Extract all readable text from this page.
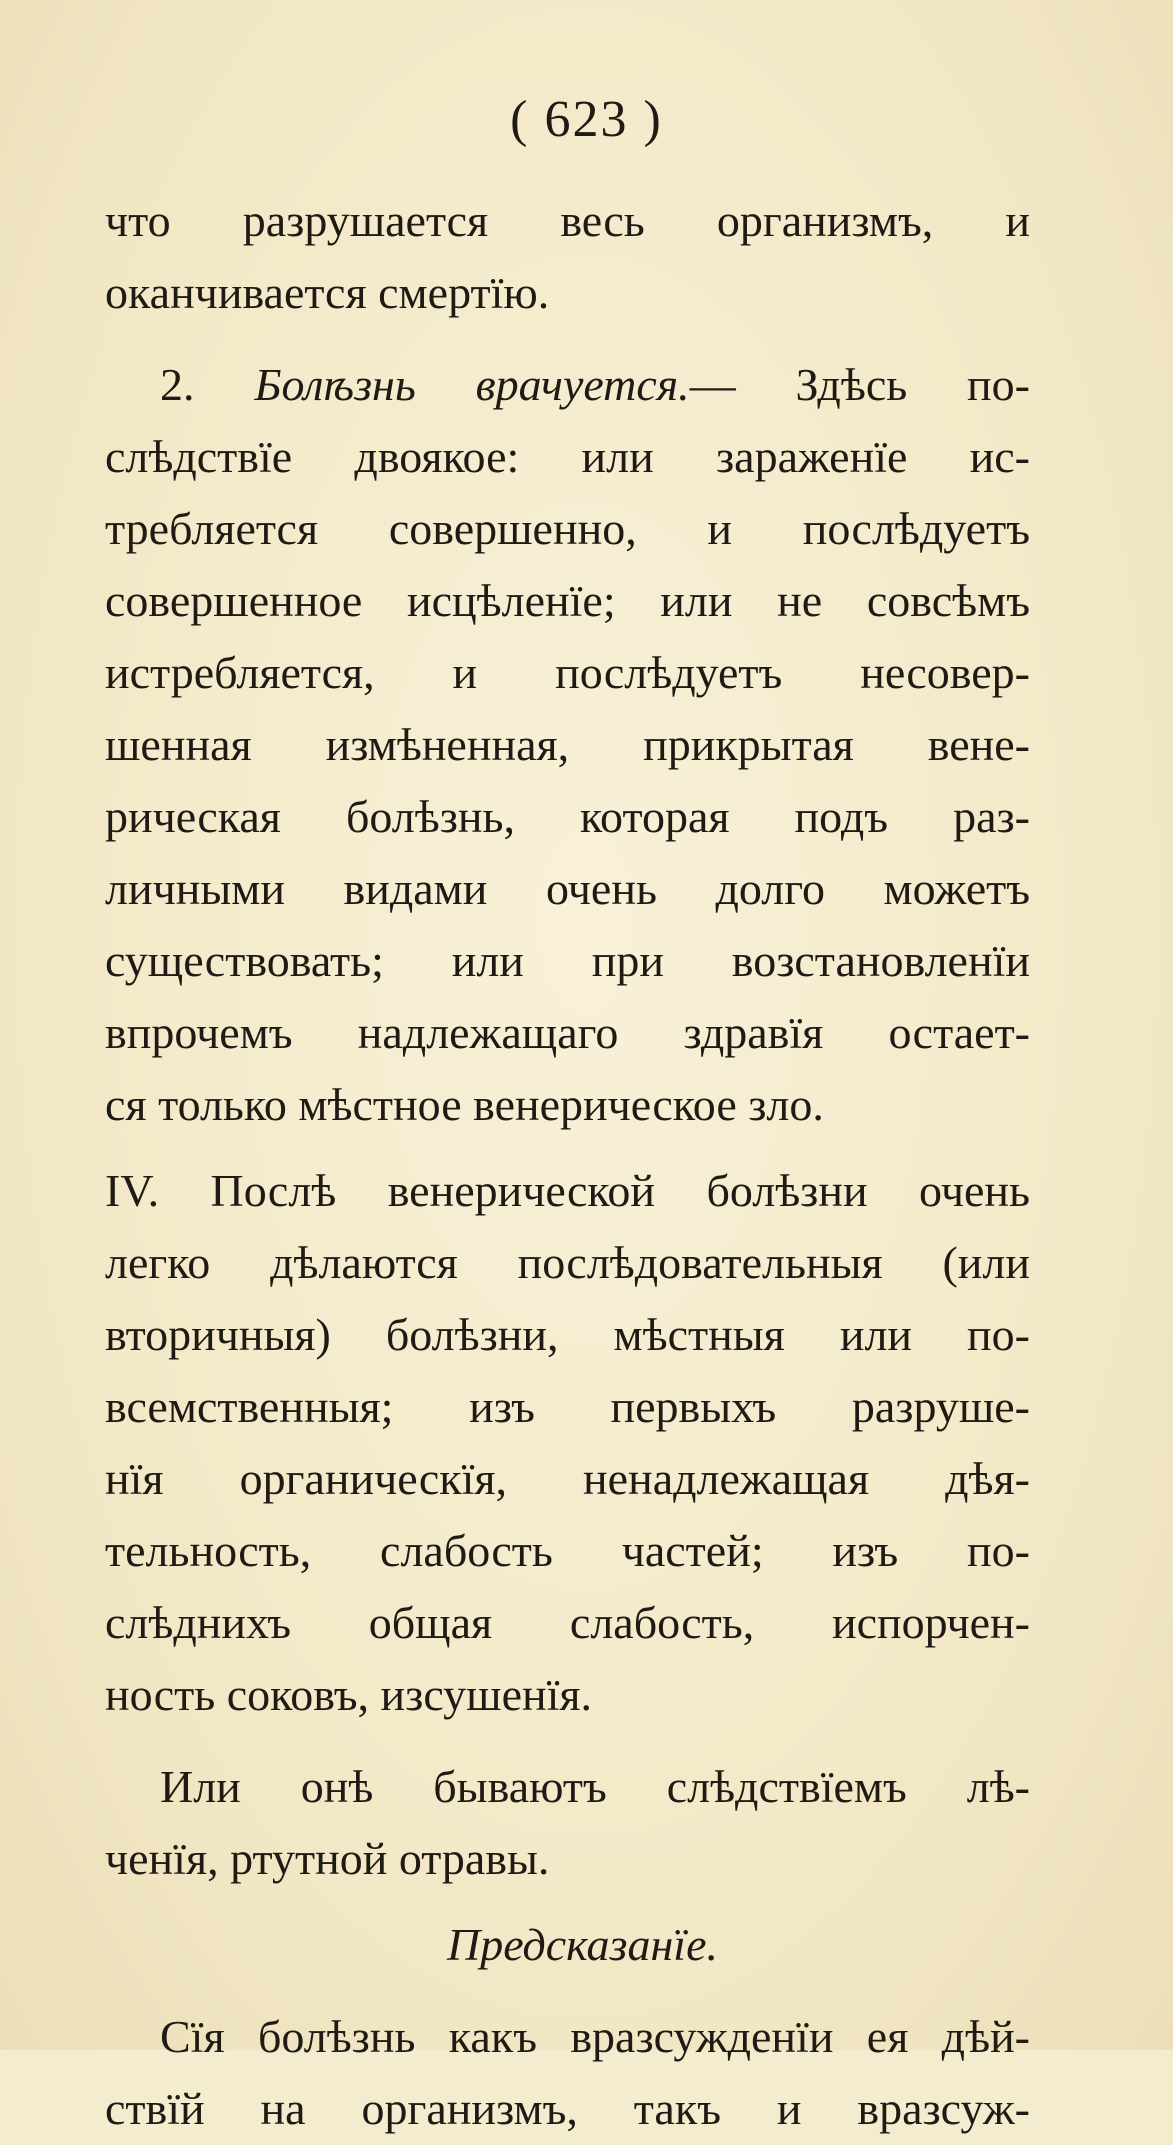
( 623 )
что разрушается весь организмъ, и
оканчивается смертїю.
2. Болѣзнь врачуется.— Здѣсь по-
слѣдствїе двоякое: или зараженїе ис-
требляется совершенно, и послѣдуетъ
совершенное исцѣленїе; или не совсѣмъ
истребляется, и послѣдуетъ несовер-
шенная измѣненная, прикрытая вене-
рическая болѣзнь, которая подъ раз-
личными видами очень долго можетъ
существовать; или при возстановленїи
впрочемъ надлежащаго здравїя остает-
ся только мѣстное венерическое зло.
IV. Послѣ венерической болѣзни очень
легко дѣлаются послѣдовательныя (или
вторичныя) болѣзни, мѣстныя или по-
всемственныя; изъ первыхъ разруше-
нїя органическїя, ненадлежащая дѣя-
тельность, слабость частей; изъ по-
слѣднихъ общая слабость, испорчен-
ность соковъ, изсушенїя.
Или онѣ бываютъ слѣдствїемъ лѣ-
ченїя, ртутной отравы.
Предсказанїе.
Сїя болѣзнь какъ вразсужденїи ея дѣй-
ствїй на организмъ, такъ и вразсуж-
